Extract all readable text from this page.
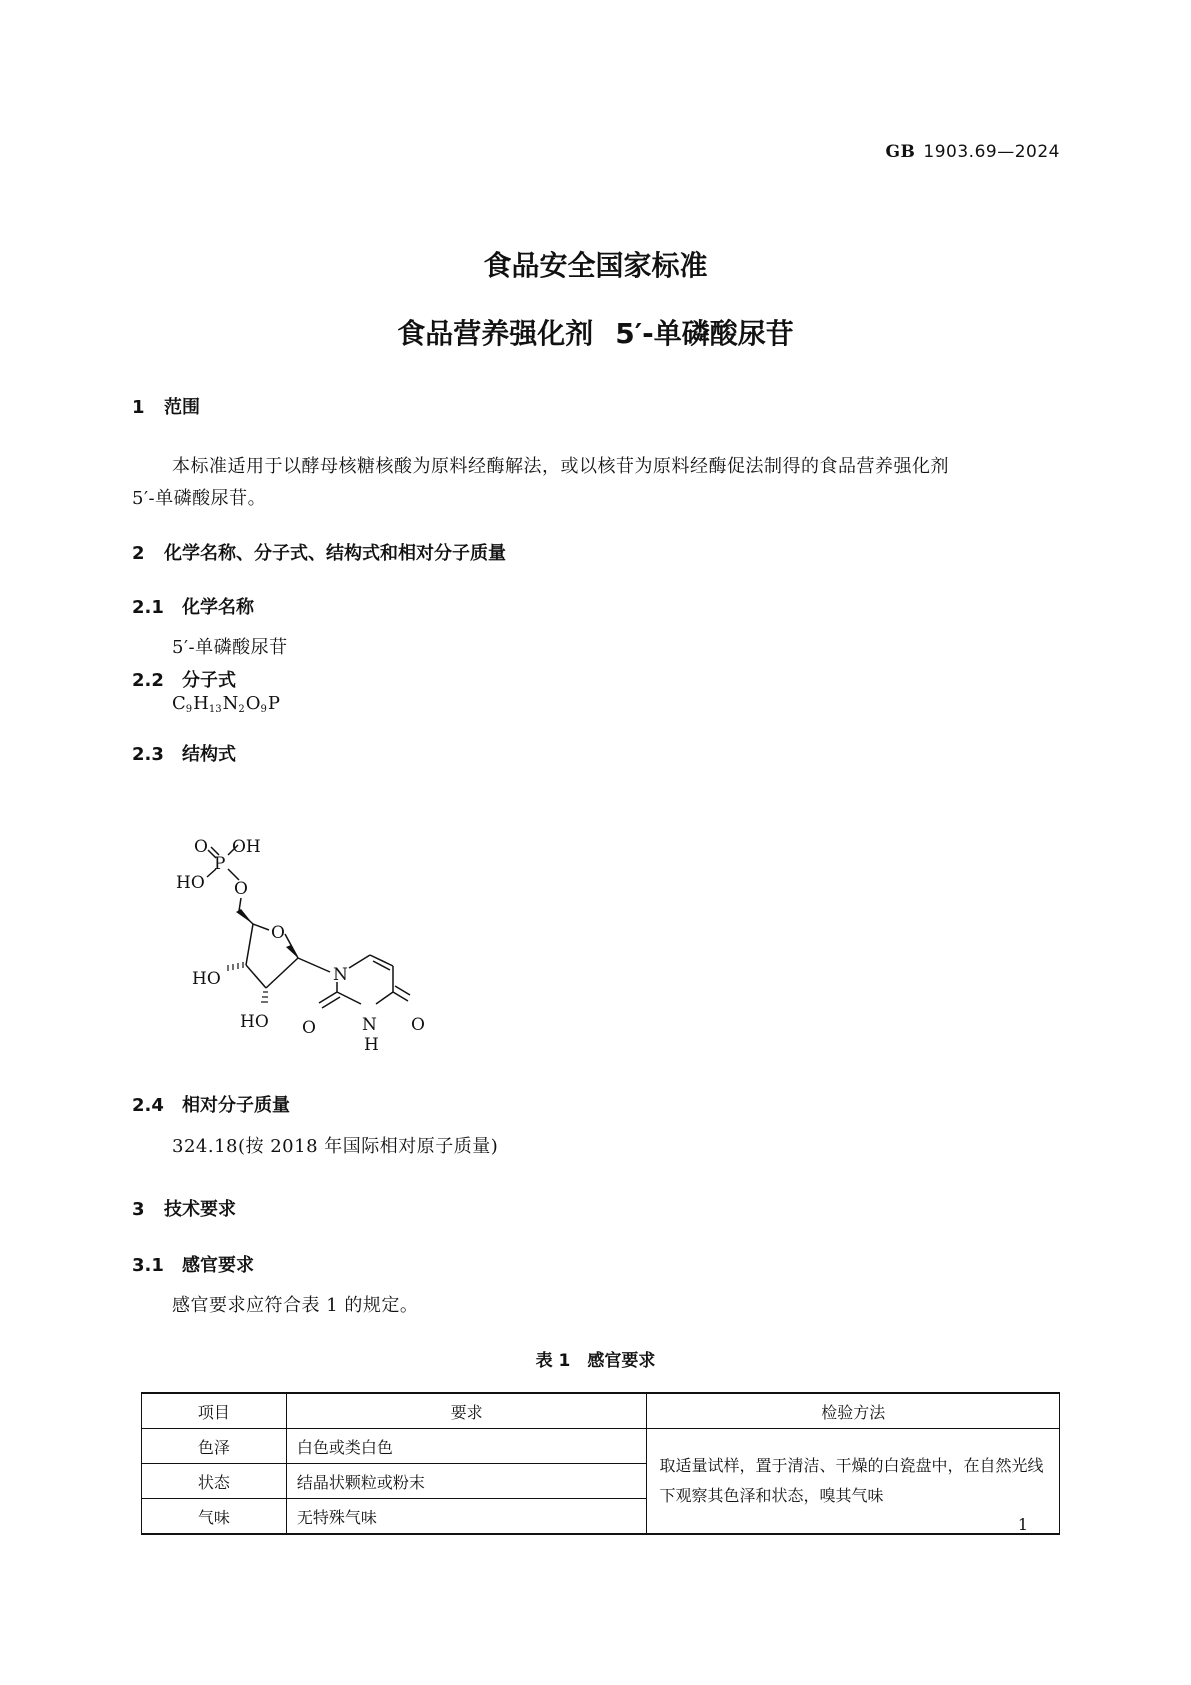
GB 1903.69—2024
食品安全国家标准
食品营养强化剂 5′-单磷酸尿苷
1 范围
本标准适用于以酵母核糖核酸为原料经酶解法，或以核苷为原料经酶促法制得的食品营养强化剂
5′-单磷酸尿苷。
2 化学名称、分子式、结构式和相对分子质量
2.1 化学名称
5′-单磷酸尿苷
2.2 分子式
$C_9H_{13}N_2O_9P$
2.3 结构式
O OH
P
HO O
O
HO
HO
N
O	N
H
O
2.4 相对分子质量
324.18(按 2018 年国际相对原子质量)
3 技术要求
3.1 感官要求
感官要求应符合表 1 的规定。
表 1　感官要求
项目	要求	检验方法
色泽	白色或类白色	取适量试样，置于清洁、干燥的白瓷盘中，在自然光线下观察其色泽和状态，嗅其气味
状态	结晶状颗粒或粉末	
气味	无特殊气味		1
